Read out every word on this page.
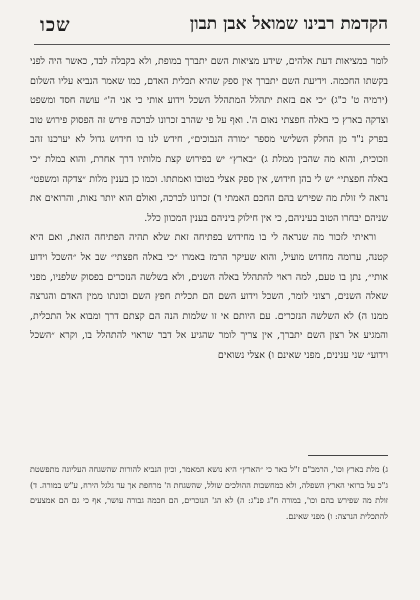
שכו	הקדמת רבינו שמואל אבן תבון

לומר במציאות דעת אלהים, שידע מציאות השם יתברך במופת, ולא בקבלה לבד, כאשר היה לפני בקשתו החכמה. וידיעת השם יתברך אין ספק שהיא תכלית האדם, כמו שאמר הנביא עליו השלום (ירמיה ט' כ"ג) ״כי אם בזאת יתהלל המתהלל השכל וידוע אותי כי אני ה'״ עושה חסד ומשפט וצדקה בארץ כי באלה חפצתי נאום ה'. ואף על פי שהרב זכרונו לברכה פירש זה הפסוק פירוש טוב בפרק נ"ד מן החלק השלישי מספר ״מורה הנבוכים״, חידש לנו בו חידוש גדול לא יערכנו זהב וזכוכית, והוא מה שהבין ממלת ג) ״בארץ״ יש בפירוש קצת מלותיו דרך אחרת, והוא במלת ״כי באלה חפצתי״ יש לי בהן חידוש, אין ספק אצלי בטובו ואמתתו. וכמו כן בענין מלות ״צדקה ומשפט״ נראה לי זולת מה שפירש בהם החכם האמתי ד) זכרונו לברכה, ואולם הוא יותר נאות, והרואים את שניהם יבחרו הטוב בעיניהם, כי אין חילוק ביניהם בענין המכוון כלל.

וראיתי לזכור מה שנראה לי בו מחידוש בפתיחה זאת שלא תהיה הפתיחה הזאת, ואם היא קטנה, ערומה מחדוש מועיל, והוא שעיקר הרמז באמרו ״כי באלה חפצתי״ שב אל ״השכל וידוע אותי״, נתן בו טעם, למה ראוי להתהלל באלה השנים, ולא בשלשה הנזכרים בפסוק שלפניו, מפני שאלה השנים, רצוני לומר, השכל וידוע השם הם תכלית חפץ השם וכונתו ממין האדם והגרצה ממנו ה) לא השלשה הנזכרים. עם היותם אי זו שלמות הנה הם קצתם דרך ומבוא אל התכלית, והמגיע אל רצון השם יתברך, אין צריך לומר שהגיע אל דבר שראוי להתהלל בו, וקרא ״השכל וידוע״ שני ענינים, מפני שאינם ו) אצלי נשואים

ג) מלת בארץ וכו', הרמב"ם ז"ל באר כי ״הארץ״ היא נושא המאמר, וכיון הנביא להורות שהשגחה העליונה מתפשטת ג"כ על ברואי הארץ השפלה, ולא כמחשבות ההולכים שולל, שהשגחת ה' מרחפת אך עד גלגל הירח, ע"ש במורה. ד) זולת מה שפירש בהם וכו', במורה ח"ג פנ"ג: ה) לא הג' הנזכרים, הם חכמה גבורה עושר, אף כי גם הם אמצעים להתכלית הנרצה: ו) מפני שאינם.
